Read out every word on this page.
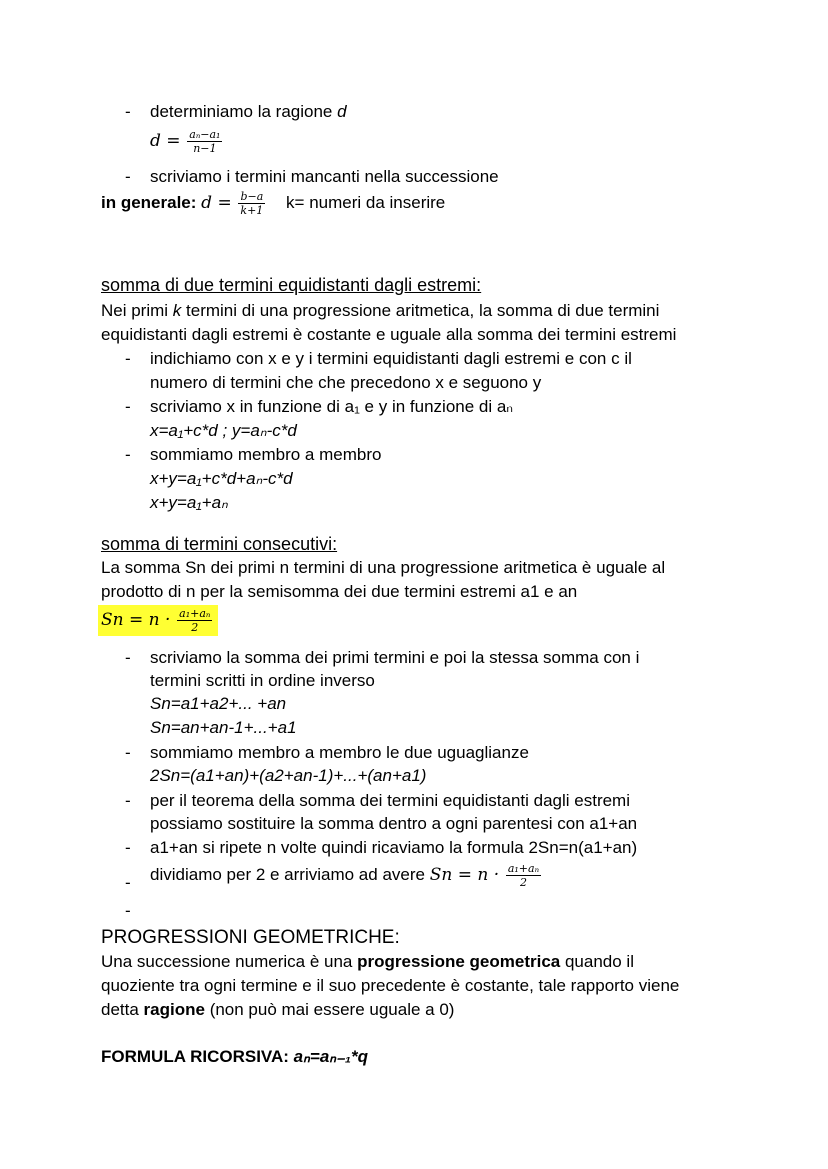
- determiniamo la ragione d
$d = \frac{\text{aₙ−a₁}}{n-1}$
- scriviamo i termini mancanti nella successione
in generale: $d = \frac{b-a}{k+1} k=$ numeri da inserire
somma di due termini equidistanti dagli estremi:
Nei primi k termini di una progressione aritmetica, la somma di due termini
equidistanti dagli estremi è costante e uguale alla somma dei termini estremi
- indichiamo con x e y i termini equidistanti dagli estremi e con c il
numero di termini che che precedono x e seguono y
- scriviamo x in funzione di a₁ e y in funzione di aₙ
x=a₁+c*d ; y=aₙ-c*d
- sommiamo membro a membro
x+y=a₁+c*d+aₙ-c*d
x+y=a₁+aₙ
somma di termini consecutivi:
La somma Sn dei primi n termini di una progressione aritmetica è uguale al
prodotto di n per la semisomma dei due termini estremi a1 e an
$Sn = n \cdot \frac{\text{a₁+aₙ}}{2}$
- scriviamo la somma dei primi termini e poi la stessa somma con i
termini scritti in ordine inverso
Sn=a1+a2+... +an
Sn=an+an-1+...+a1
- sommiamo membro a membro le due uguaglianze
2Sn=(a1+an)+(a2+an-1)+...+(an+a1)
- per il teorema della somma dei termini equidistanti dagli estremi
possiamo sostituire la somma dentro a ogni parentesi con a1+an
- a1+an si ripete n volte quindi ricaviamo la formula 2Sn=n(a1+an)
- dividiamo per 2 e arriviamo ad avere $Sn = n \cdot \frac{\text{a₁+aₙ}}{2}$
-
PROGRESSIONI GEOMETRICHE:
Una successione numerica è una progressione geometrica quando il
quoziente tra ogni termine e il suo precedente è costante, tale rapporto viene
detta ragione (non può mai essere uguale a 0)
FORMULA RICORSIVA: aₙ=aₙ₋₁*q
